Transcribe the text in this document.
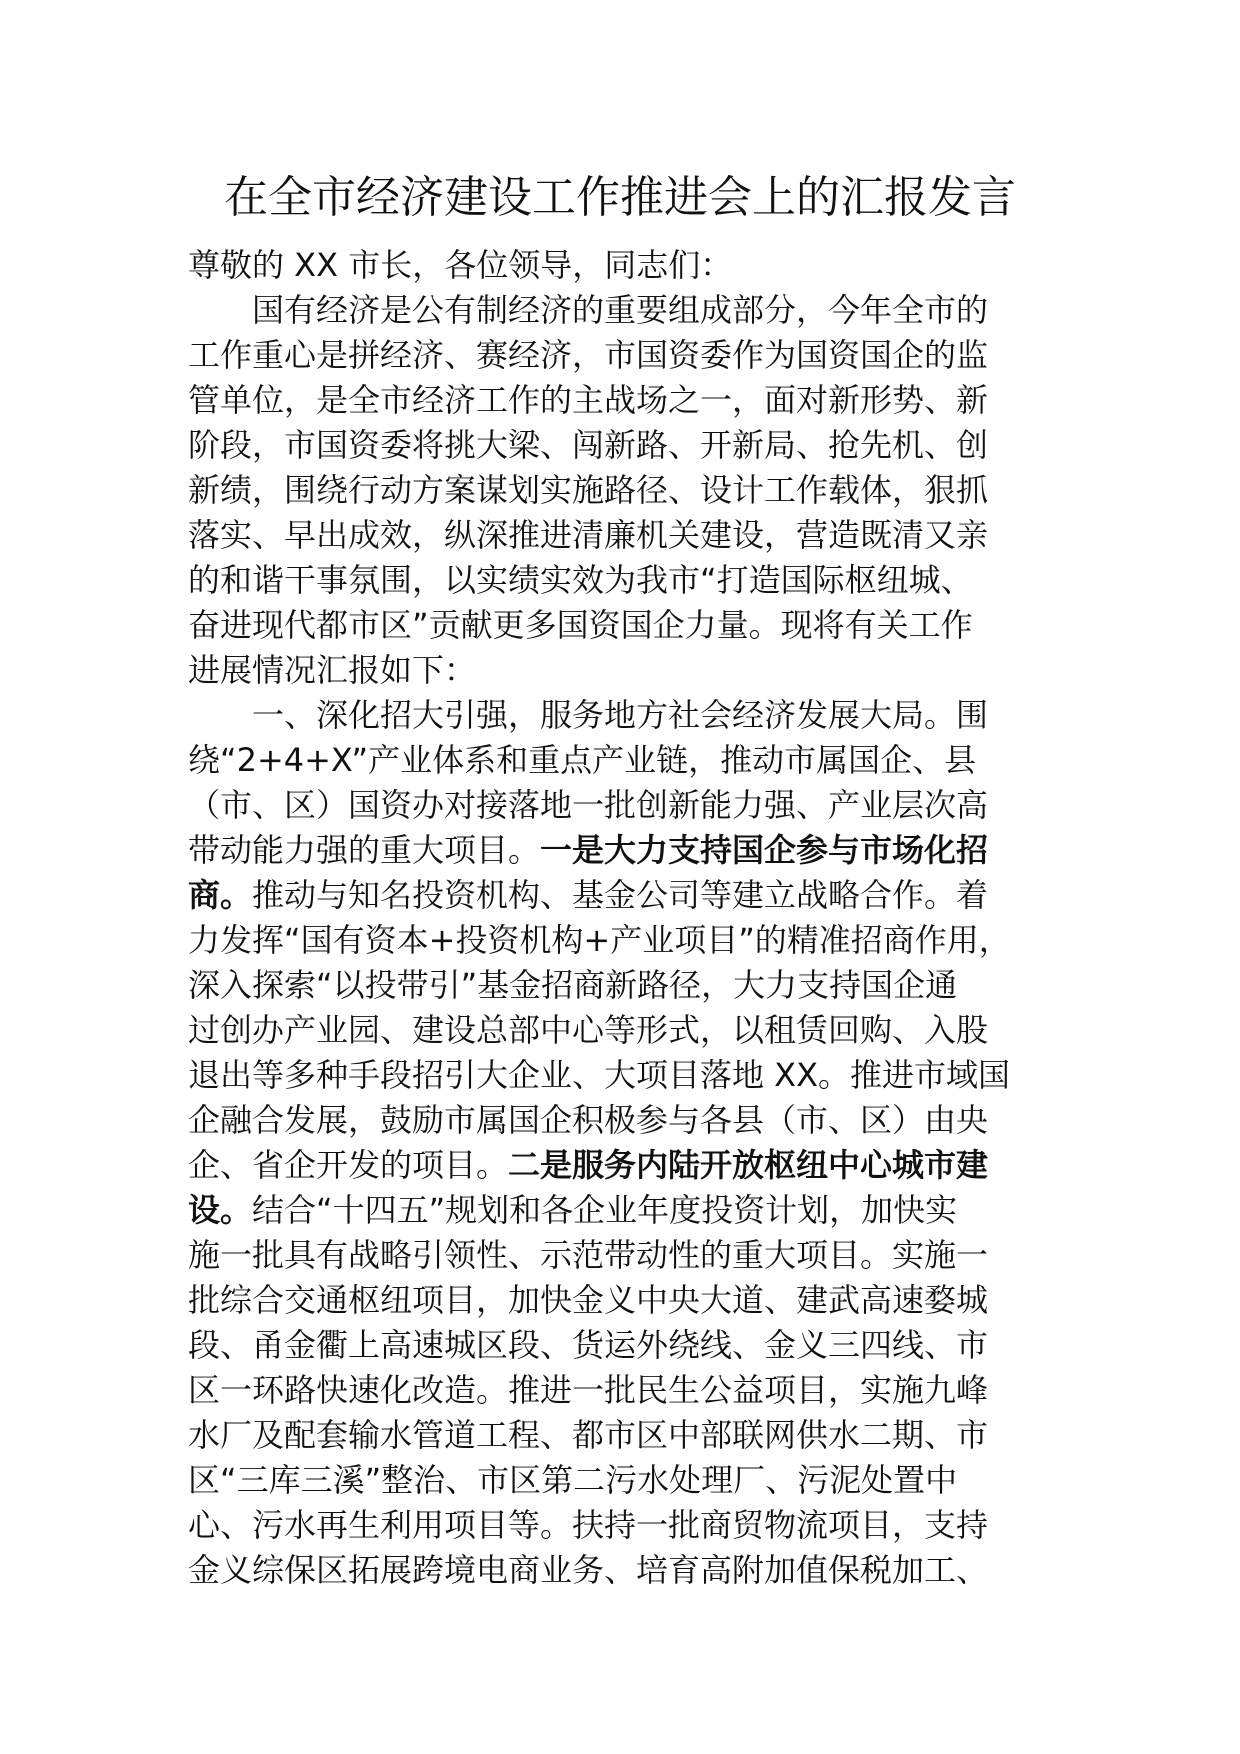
在全市经济建设工作推进会上的汇报发言
尊敬的 XX 市长，各位领导，同志们：
国有经济是公有制经济的重要组成部分，今年全市的
工作重心是拼经济、赛经济，市国资委作为国资国企的监
管单位，是全市经济工作的主战场之一，面对新形势、新
阶段，市国资委将挑大梁、闯新路、开新局、抢先机、创
新绩，围绕行动方案谋划实施路径、设计工作载体，狠抓
落实、早出成效，纵深推进清廉机关建设，营造既清又亲
的和谐干事氛围，以实绩实效为我市“打造国际枢纽城、
奋进现代都市区”贡献更多国资国企力量。现将有关工作
进展情况汇报如下：
一、深化招大引强，服务地方社会经济发展大局。围
绕“2+4+X”产业体系和重点产业链，推动市属国企、县
（市、区）国资办对接落地一批创新能力强、产业层次高
带动能力强的重大项目。一是大力支持国企参与市场化招
商。推动与知名投资机构、基金公司等建立战略合作。着
力发挥“国有资本+投资机构+产业项目”的精准招商作用，
深入探索“以投带引”基金招商新路径，大力支持国企通
过创办产业园、建设总部中心等形式，以租赁回购、入股
退出等多种手段招引大企业、大项目落地 XX。推进市域国
企融合发展，鼓励市属国企积极参与各县（市、区）由央
企、省企开发的项目。二是服务内陆开放枢纽中心城市建
设。结合“十四五”规划和各企业年度投资计划，加快实
施一批具有战略引领性、示范带动性的重大项目。实施一
批综合交通枢纽项目，加快金义中央大道、建武高速婺城
段、甬金衢上高速城区段、货运外绕线、金义三四线、市
区一环路快速化改造。推进一批民生公益项目，实施九峰
水厂及配套输水管道工程、都市区中部联网供水二期、市
区“三库三溪”整治、市区第二污水处理厂、污泥处置中
心、污水再生利用项目等。扶持一批商贸物流项目，支持
金义综保区拓展跨境电商业务、培育高附加值保税加工、
